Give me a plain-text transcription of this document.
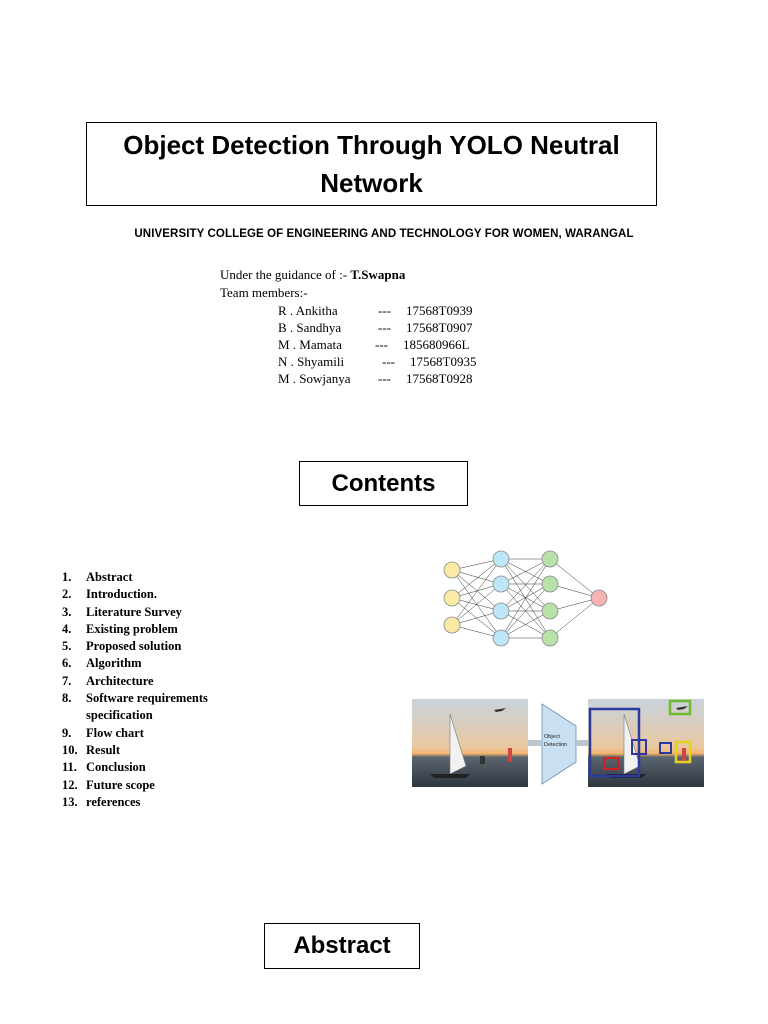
Object Detection Through YOLO Neutral Network
UNIVERSITY COLLEGE OF ENGINEERING AND TECHNOLOGY FOR WOMEN, WARANGAL
Under the guidance of :- T.Swapna
Team members:-
R . Ankitha	--- 17568T0939
B . Sandhya	--- 17568T0907
M . Mamata	--- 185680966L
N . Shyamili	--- 17568T0935
M . Sowjanya --- 17568T0928
Contents
1.	Abstract
2.	Introduction.
3.	Literature Survey
4.	Existing problem
5.	Proposed solution
6.	Algorithm
7.	Architecture
8.	Software requirements specification
9.	Flow chart
10. Result
11. Conclusion
12. Future scope
13. references
Object
Detection
Abstract
